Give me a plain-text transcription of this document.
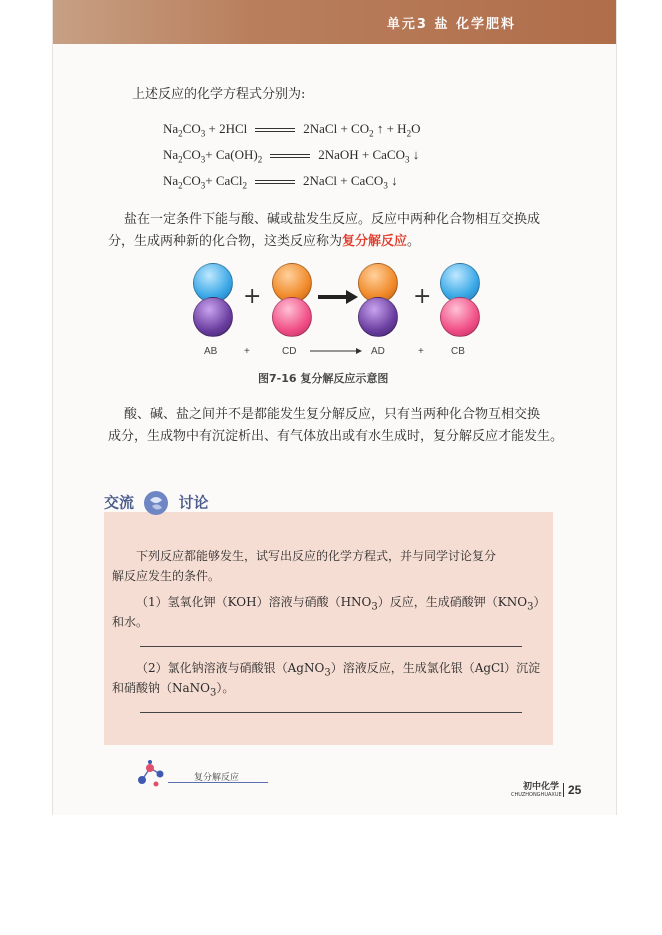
单元3 盐 化学肥料
上述反应的化学方程式分别为:
$Na_2CO_3 + 2HCl$	2NaCl + $CO_2$ ↑ + $H_2O$
$Na_2CO_3+ Ca(OH)_2$	2NaOH + CaCO$_3$ ↓
$Na_2CO_3+$ CaCl$_2$	2NaCl + CaCO$_3$ ↓
盐在一定条件下能与酸、碱或盐发生反应。反应中两种化合物相互交换成
分，生成两种新的化合物，这类反应称为复分解反应。
+	+
AB	+	CD	AD	+	CB
图7-16 复分解反应示意图
酸、碱、盐之间并不是都能发生复分解反应，只有当两种化合物互相交换
成分，生成物中有沉淀析出、有气体放出或有水生成时，复分解反应才能发生。
交流	讨论
下列反应都能够发生，试写出反应的化学方程式，并与同学讨论复分
解反应发生的条件。
（1）氢氧化钾（KOH）溶液与硝酸$(HNO_3)$反应，生成硝酸钾$(KNO_3)$
和水。
（2）氯化钠溶液与硝酸银（AgNO$_3$）溶液反应，生成氯化银（AgCl）沉淀
和硝酸钠（NaNO$_3$）。
复分解反应
初中化学
CHUZHONGHUAXUE 25
